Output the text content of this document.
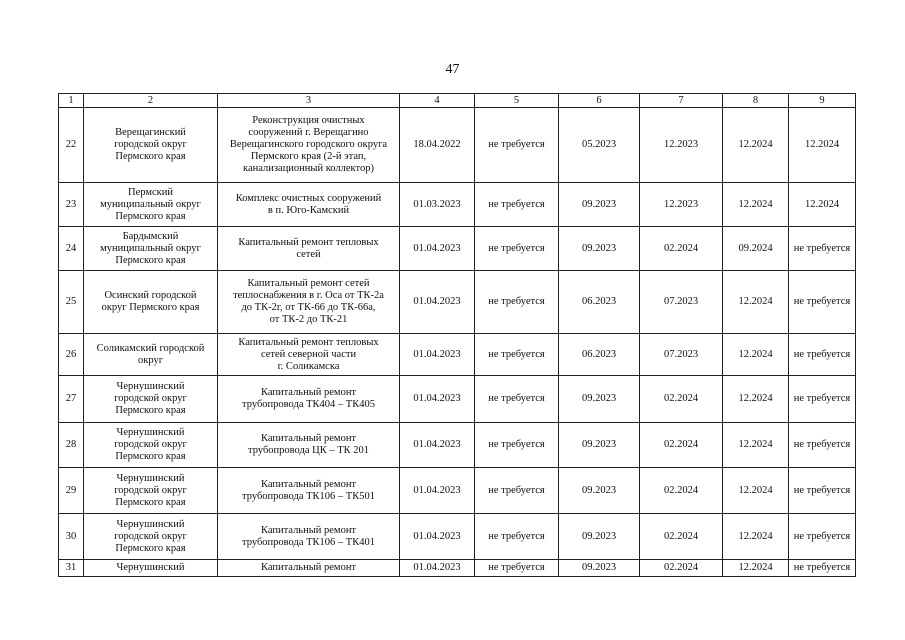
47
1	2	3	4	5	6	7	8	9
22	Верещагинский
городской округ
Пермского края	Реконструкция очистных
сооружений г. Верещагино
Верещагинского городского округа
Пермского края (2-й этап,
канализационный коллектор)	18.04.2022	не требуется	05.2023	12.2023	12.2024	12.2024
23	Пермский
муниципальный округ
Пермского края	Комплекс очистных сооружений
в п. Юго-Камский	01.03.2023	не требуется	09.2023	12.2023	12.2024	12.2024
24	Бардымский
муниципальный округ
Пермского края	Капитальный ремонт тепловых
сетей	01.04.2023	не требуется	09.2023	02.2024	09.2024	не требуется
25	Осинский городской
округ Пермского края	Капитальный ремонт сетей
теплоснабжения в г. Оса от ТК-2а
до ТК-2г, от ТК-66 до ТК-66а,
от ТК-2 до ТК-21	01.04.2023	не требуется	06.2023	07.2023	12.2024	не требуется
26	Соликамский городской
округ	Капитальный ремонт тепловых
сетей северной части
г. Соликамска	01.04.2023	не требуется	06.2023	07.2023	12.2024	не требуется
27	Чернушинский
городской округ
Пермского края	Капитальный ремонт
трубопровода ТК404 – ТК405	01.04.2023	не требуется	09.2023	02.2024	12.2024	не требуется
28	Чернушинский
городской округ
Пермского края	Капитальный ремонт
трубопровода ЦК – ТК 201	01.04.2023	не требуется	09.2023	02.2024	12.2024	не требуется
29	Чернушинский
городской округ
Пермского края	Капитальный ремонт
трубопровода ТК106 – ТК501	01.04.2023	не требуется	09.2023	02.2024	12.2024	не требуется
30	Чернушинский
городской округ
Пермского края	Капитальный ремонт
трубопровода ТК106 – ТК401	01.04.2023	не требуется	09.2023	02.2024	12.2024	не требуется
31	Чернушинский	Капитальный ремонт	01.04.2023	не требуется	09.2023	02.2024	12.2024	не требуется
